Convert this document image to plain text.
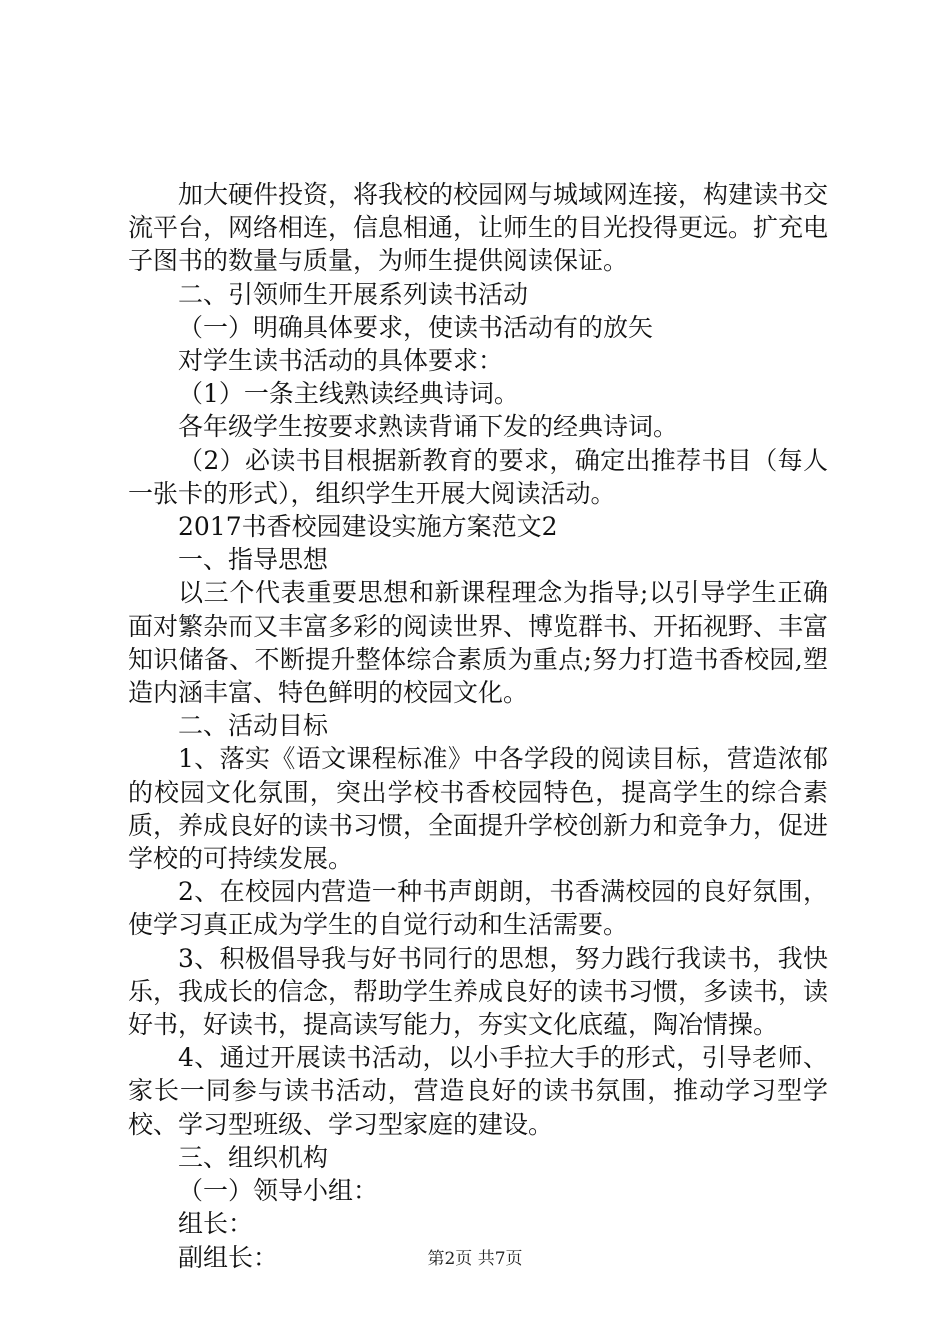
加大硬件投资，将我校的校园网与城域网连接，构建读书交流平台，网络相连，信息相通，让师生的目光投得更远。扩充电子图书的数量与质量，为师生提供阅读保证。

二、引领师生开展系列读书活动

（一）明确具体要求，使读书活动有的放矢

对学生读书活动的具体要求：

（1）一条主线熟读经典诗词。

各年级学生按要求熟读背诵下发的经典诗词。

（2）必读书目根据新教育的要求，确定出推荐书目（每人一张卡的形式），组织学生开展大阅读活动。

2017书香校园建设实施方案范文2

一、指导思想

以三个代表重要思想和新课程理念为指导;以引导学生正确面对繁杂而又丰富多彩的阅读世界、博览群书、开拓视野、丰富知识储备、不断提升整体综合素质为重点;努力打造书香校园,塑造内涵丰富、特色鲜明的校园文化。

二、活动目标

1、落实《语文课程标准》中各学段的阅读目标，营造浓郁的校园文化氛围，突出学校书香校园特色，提高学生的综合素质，养成良好的读书习惯，全面提升学校创新力和竞争力，促进学校的可持续发展。

2、在校园内营造一种书声朗朗，书香满校园的良好氛围，使学习真正成为学生的自觉行动和生活需要。

3、积极倡导我与好书同行的思想，努力践行我读书，我快乐，我成长的信念，帮助学生养成良好的读书习惯，多读书，读好书，好读书，提高读写能力，夯实文化底蕴，陶冶情操。

4、通过开展读书活动，以小手拉大手的形式，引导老师、家长一同参与读书活动，营造良好的读书氛围，推动学习型学校、学习型班级、学习型家庭的建设。

三、组织机构

（一）领导小组：

组长：

副组长：	第2页 共7页
